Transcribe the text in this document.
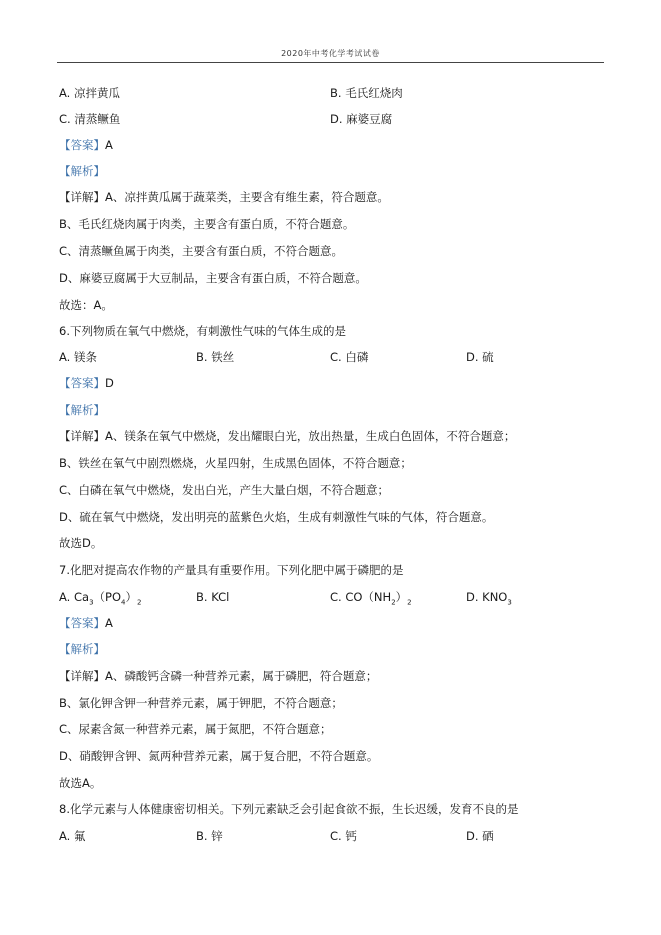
2020年中考化学考试试卷
A. 凉拌黄瓜	B. 毛氏红烧肉
C. 清蒸鳜鱼	D. 麻婆豆腐
【答案】A
【解析】
【详解】A、凉拌黄瓜属于蔬菜类，主要含有维生素，符合题意。
B、毛氏红烧肉属于肉类，主要含有蛋白质，不符合题意。
C、清蒸鳜鱼属于肉类，主要含有蛋白质，不符合题意。
D、麻婆豆腐属于大豆制品，主要含有蛋白质，不符合题意。
故选：A。
6.下列物质在氧气中燃烧，有刺激性气味的气体生成的是
A. 镁条	B. 铁丝	C. 白磷	D. 硫
【答案】D
【解析】
【详解】A、镁条在氧气中燃烧，发出耀眼白光，放出热量，生成白色固体，不符合题意；
B、铁丝在氧气中剧烈燃烧，火星四射，生成黑色固体，不符合题意；
C、白磷在氧气中燃烧，发出白光，产生大量白烟，不符合题意；
D、硫在氧气中燃烧，发出明亮的蓝紫色火焰，生成有刺激性气味的气体，符合题意。
故选D。
7.化肥对提高农作物的产量具有重要作用。下列化肥中属于磷肥的是
A. $Ca_3(PO_4)_2$	B. KCl	C. $CO(NH_2)_2$	D. $KNO_3$
【答案】A
【解析】
【详解】A、磷酸钙含磷一种营养元素，属于磷肥，符合题意；
B、氯化钾含钾一种营养元素，属于钾肥，不符合题意；
C、尿素含氮一种营养元素，属于氮肥，不符合题意；
D、硝酸钾含钾、氮两种营养元素，属于复合肥，不符合题意。
故选A。
8.化学元素与人体健康密切相关。下列元素缺乏会引起食欲不振，生长迟缓，发育不良的是
A. 氟	B. 锌	C. 钙	D. 硒
